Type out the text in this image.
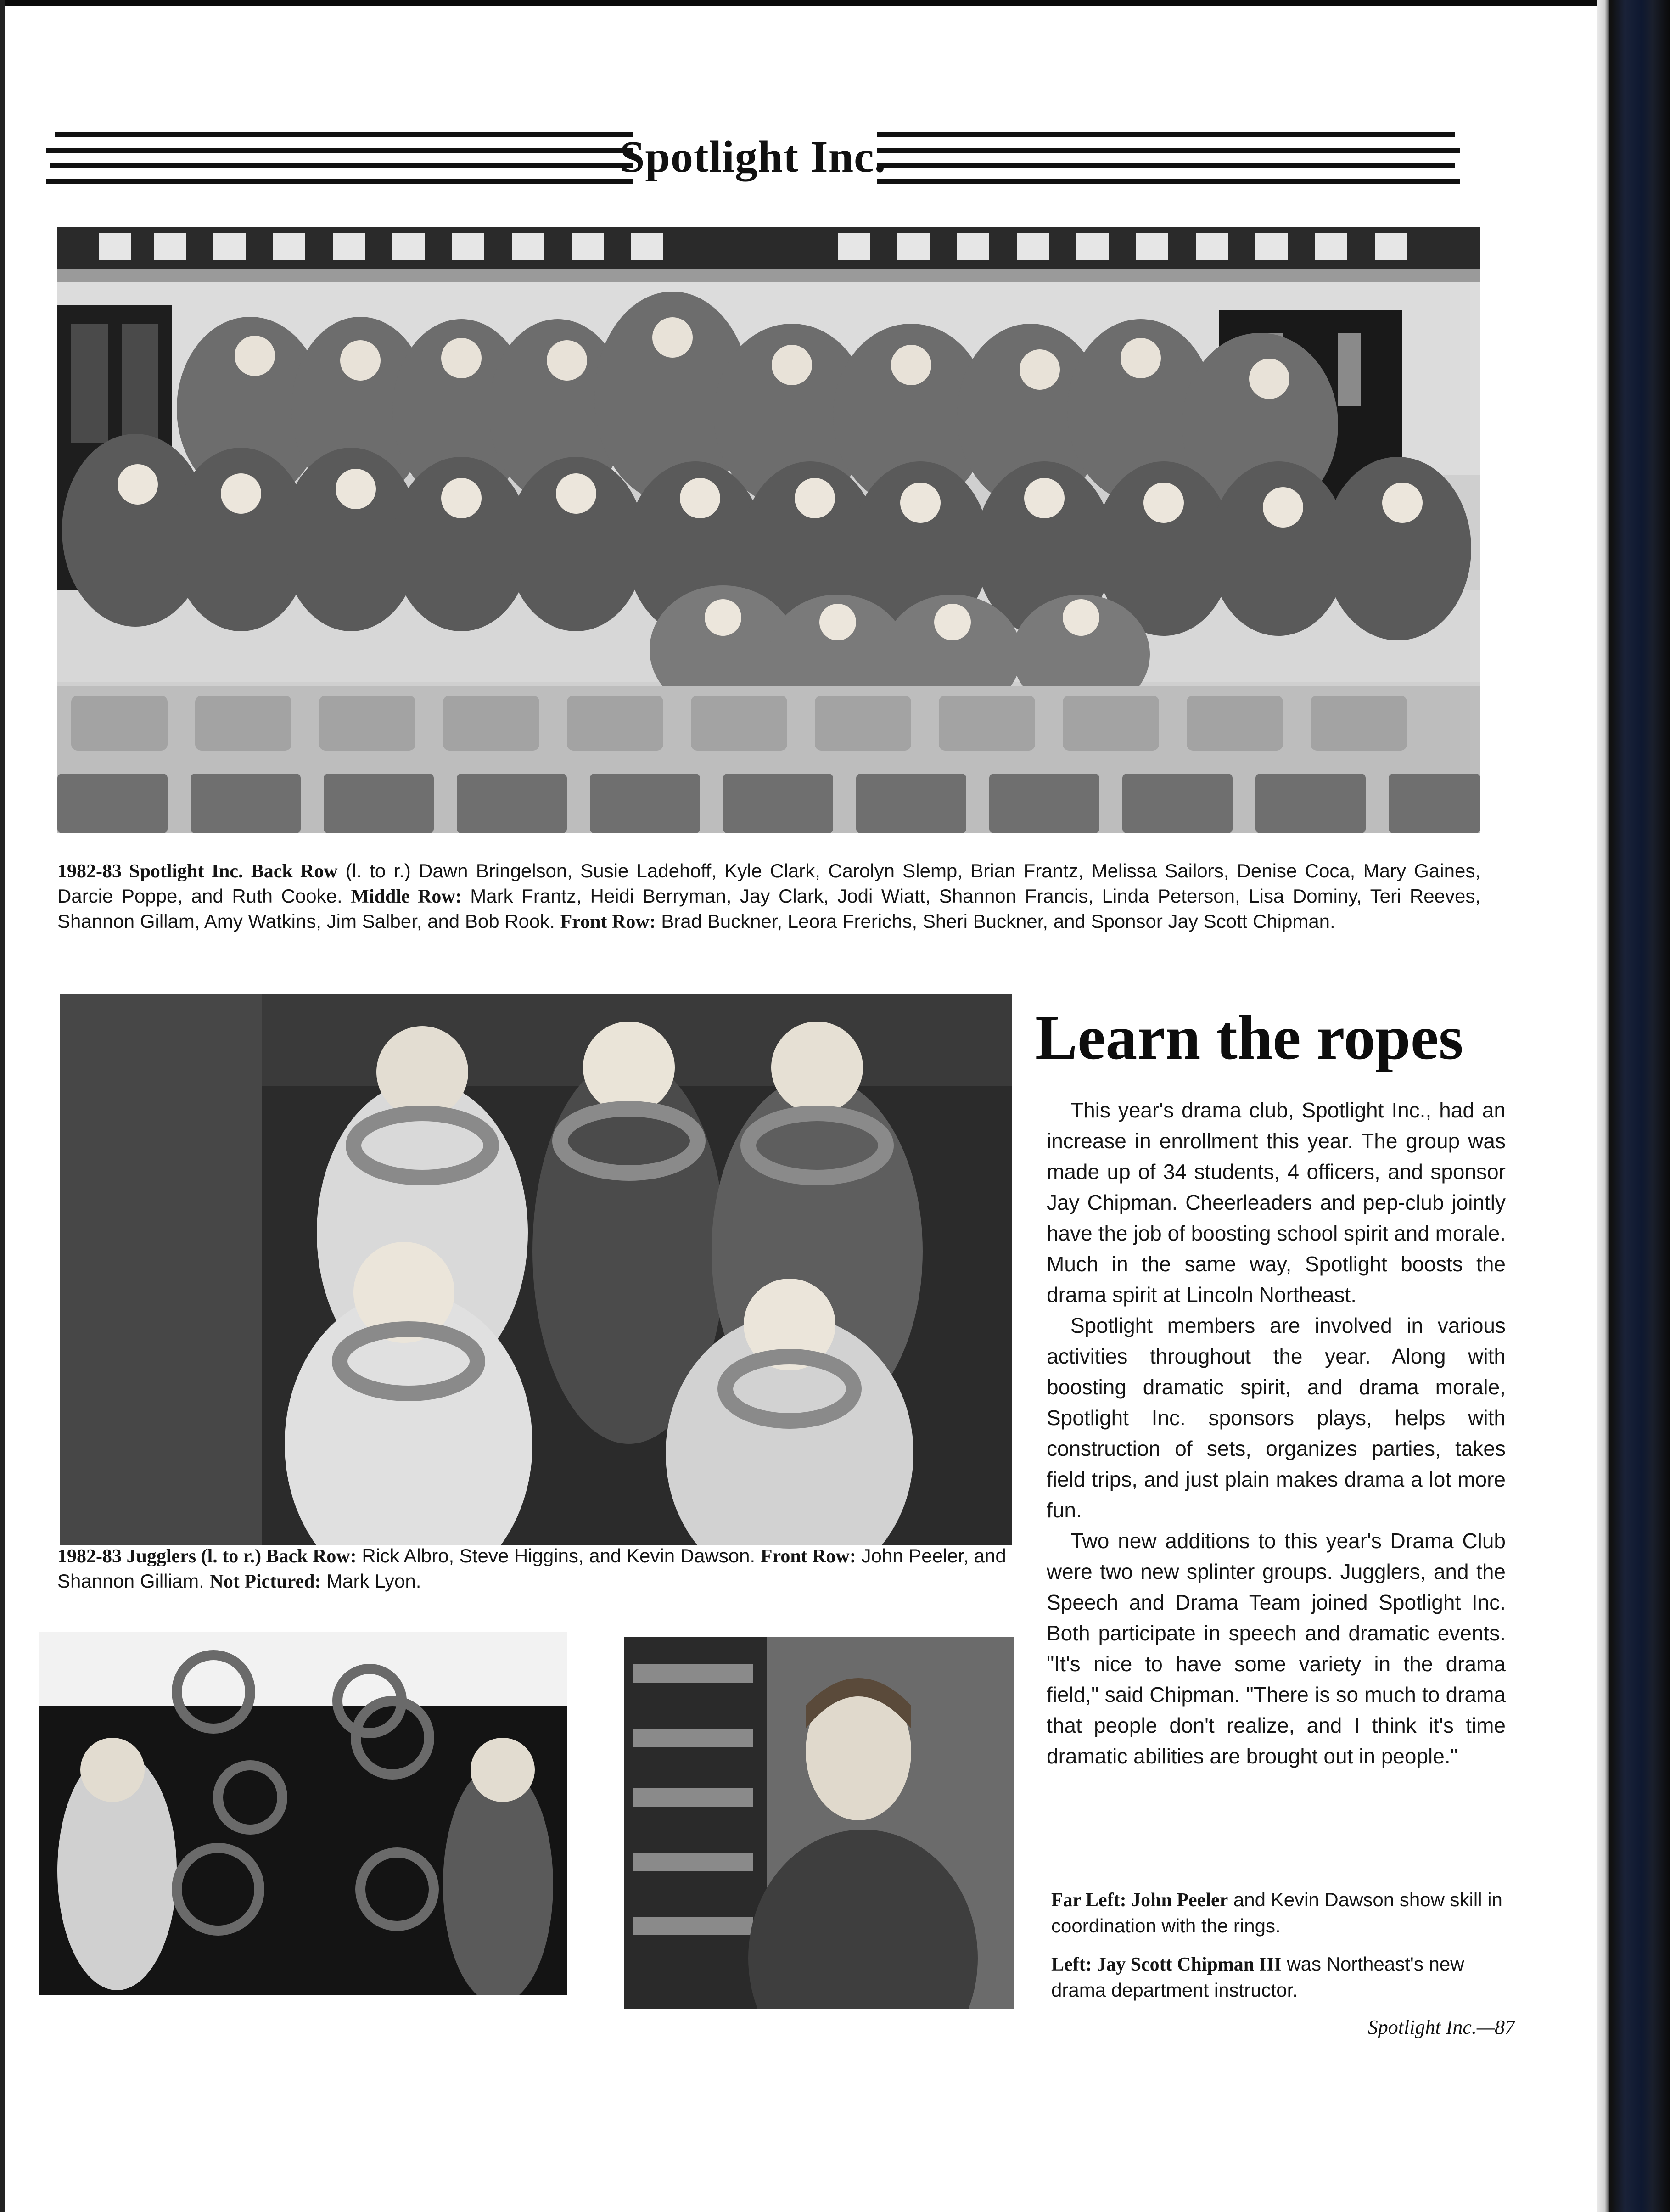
Spotlight Inc.
1982-83 Spotlight Inc. Back Row (l. to r.) Dawn Bringelson, Susie Ladehoff, Kyle Clark, Carolyn Slemp, Brian Frantz, Melissa Sailors, Denise Coca, Mary Gaines, Darcie Poppe, and Ruth Cooke. Middle Row: Mark Frantz, Heidi Berryman, Jay Clark, Jodi Wiatt, Shannon Francis, Linda Peterson, Lisa Dominy, Teri Reeves, Shannon Gillam, Amy Watkins, Jim Salber, and Bob Rook. Front Row: Brad Buckner, Leora Frerichs, Sheri Buckner, and Sponsor Jay Scott Chipman.
1982-83 Jugglers (l. to r.) Back Row: Rick Albro, Steve Higgins, and Kevin Dawson. Front Row: John Peeler, and Shannon Gilliam. Not Pictured: Mark Lyon.
Learn the ropes

This year's drama club, Spotlight Inc., had an increase in enrollment this year. The group was made up of 34 students, 4 officers, and sponsor Jay Chipman. Cheerleaders and pep-club jointly have the job of boosting school spirit and morale. Much in the same way, Spotlight boosts the drama spirit at Lincoln Northeast.

Spotlight members are involved in various activities throughout the year. Along with boosting dramatic spirit, and drama morale, Spotlight Inc. sponsors plays, helps with construction of sets, organizes parties, takes field trips, and just plain makes drama a lot more fun.

Two new additions to this year's Drama Club were two new splinter groups. Jugglers, and the Speech and Drama Team joined Spotlight Inc. Both participate in speech and dramatic events. "It's nice to have some variety in the drama field," said Chipman. "There is so much to drama that people don't realize, and I think it's time dramatic abilities are brought out in people."

Far Left: John Peeler and Kevin Dawson show skill in coordination with the rings.
Left: Jay Scott Chipman III was Northeast's new drama department instructor.
Spotlight Inc.—87
